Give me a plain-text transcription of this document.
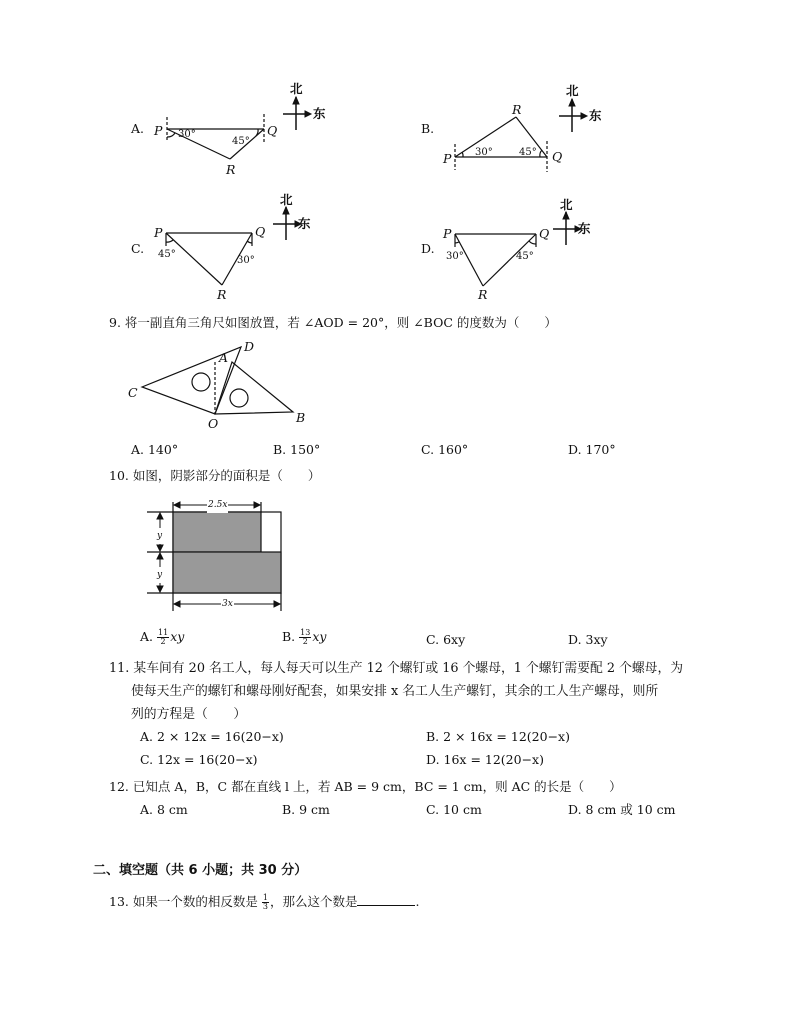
A. P	Q
R
30°
45°
北
东
B.
P	Q
R
30°	45°
北
东
C.
P	Q
R
45°
30°
北
东
D.
P	Q
R
30°	45°
北
东
9. 将一副直角三角尺如图放置，若 ∠AOD = 20°，则 ∠BOC 的度数为（　　）
A
D
C
O	B
A. 140°	B. 150°	C. 160°	D. 170°
10. 如图，阴影部分的面积是（　　）
2.5x
3x
y
y
A. $\frac{11}{2}$ xy	B. $\frac{13}{2}$ xy	C. 6xy	D. 3xy
11. 某车间有 20 名工人，每人每天可以生产 12 个螺钉或 16 个螺母，1 个螺钉需要配 2 个螺母，为
使每天生产的螺钉和螺母刚好配套，如果安排 x 名工人生产螺钉，其余的工人生产螺母，则所
列的方程是（　　）
A. 2 × 12x = 16(20−x)	B. 2 × 16x = 12(20−x)
C. 12x = 16(20−x)	D. 16x = 12(20−x)
12. 已知点 A，B，C 都在直线 l 上，若 AB = 9 cm，BC = 1 cm，则 AC 的长是（　　）
A. 8 cm	B. 9 cm	C. 10 cm	D. 8 cm 或 10 cm
二、填空题（共 6 小题；共 30 分）
13. 如果一个数的相反数是 $\frac{1}{3}$ ，那么这个数是	.
